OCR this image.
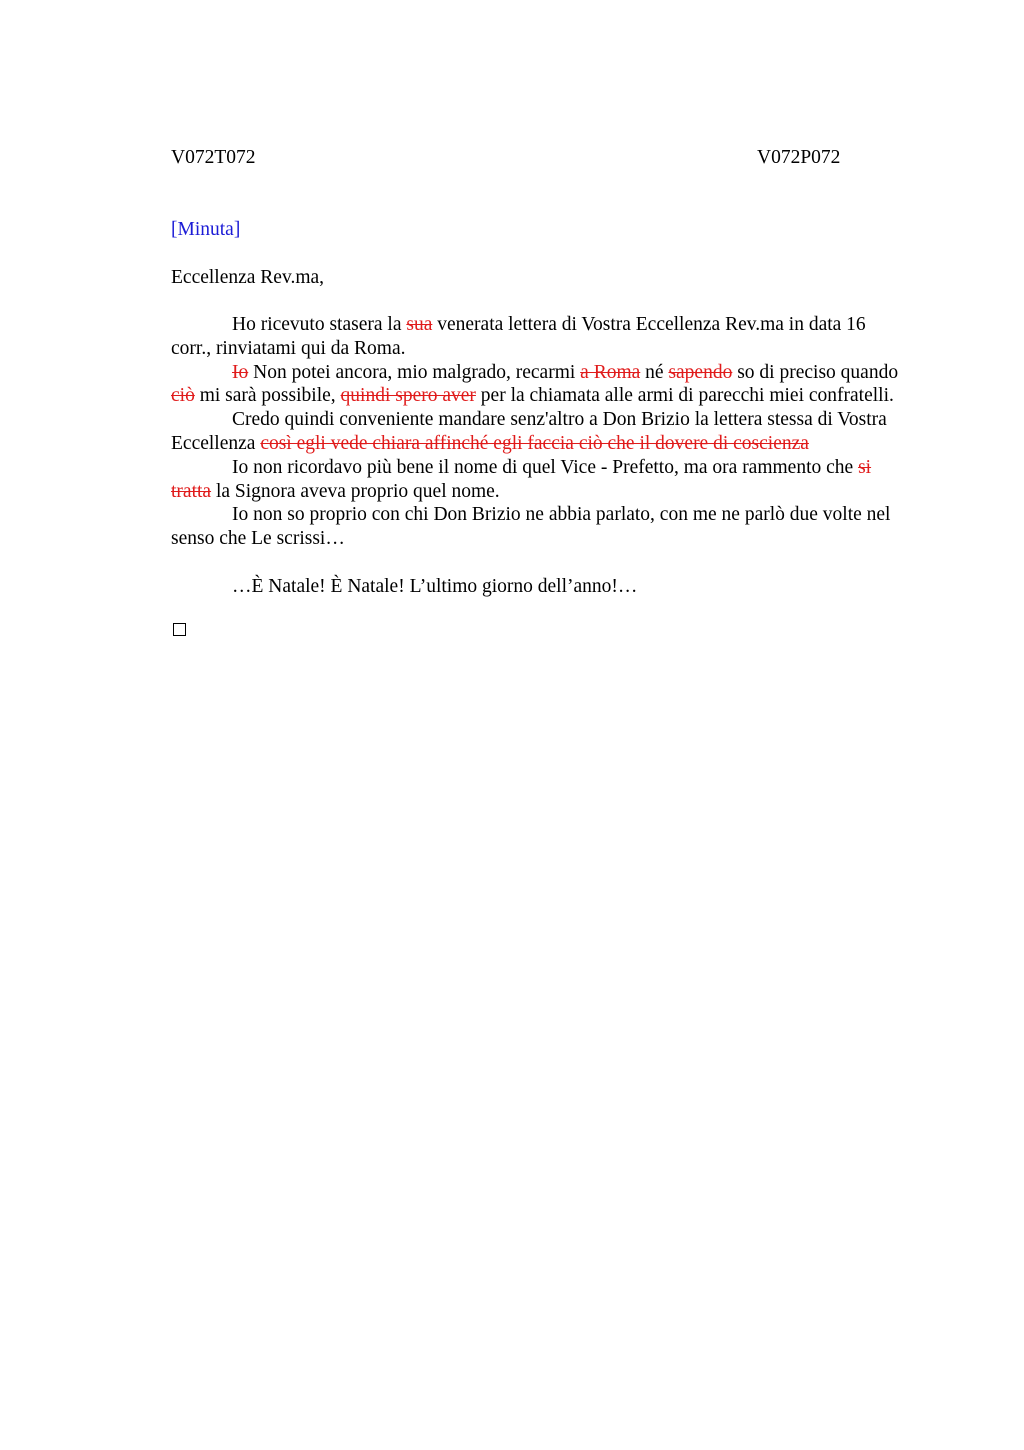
V072T072	V072P072
[Minuta]
Eccellenza Rev.ma,

Ho ricevuto stasera la sua venerata lettera di Vostra Eccellenza Rev.ma in data 16 corr., rinviatami qui da Roma.

Io Non potei ancora, mio malgrado, recarmi a Roma né sapendo so di preciso quando ciò mi sarà possibile, quindi spero aver per la chiamata alle armi di parecchi miei confratelli.

Credo quindi conveniente mandare senz'altro a Don Brizio la lettera stessa di Vostra Eccellenza così egli vede chiara affinché egli faccia ciò che il dovere di coscienza

Io non ricordavo più bene il nome di quel Vice - Prefetto, ma ora rammento che si tratta la Signora aveva proprio quel nome.

Io non so proprio con chi Don Brizio ne abbia parlato, con me ne parlò due volte nel senso che Le scrissi…

…È Natale! È Natale! L’ultimo giorno dell’anno!…
